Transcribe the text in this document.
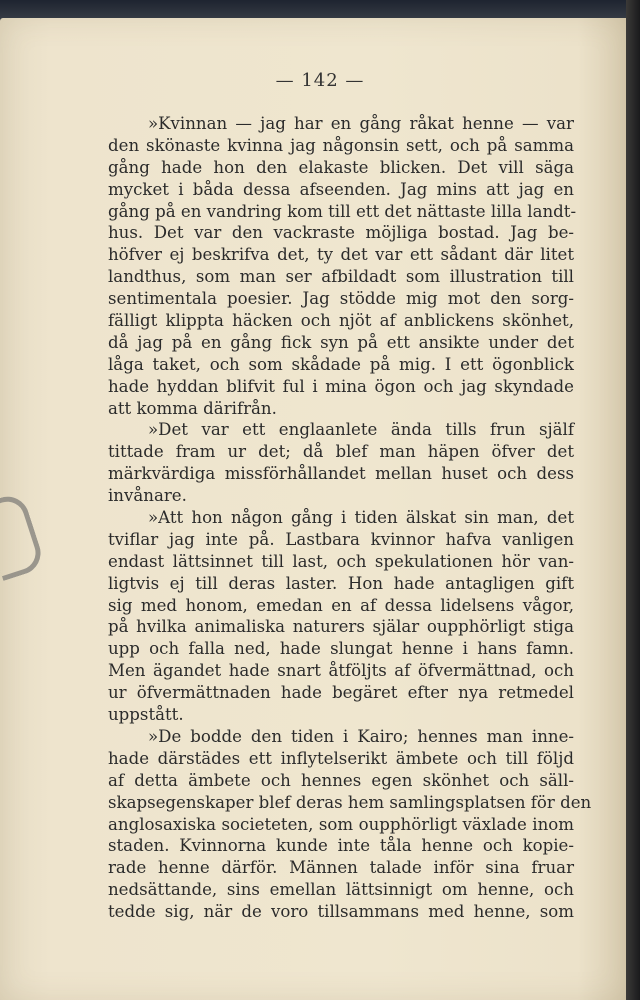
— 142 —
»Kvinnan — jag har en gång råkat henne — var
den skönaste kvinna jag någonsin sett, och på samma
gång hade hon den elakaste blicken. Det vill säga
mycket i båda dessa afseenden. Jag mins att jag en
gång på en vandring kom till ett det nättaste lilla landt-
hus. Det var den vackraste möjliga bostad. Jag be-
höfver ej beskrifva det, ty det var ett sådant där litet
landthus, som man ser afbildadt som illustration till
sentimentala poesier. Jag stödde mig mot den sorg-
fälligt klippta häcken och njöt af anblickens skönhet,
då jag på en gång fick syn på ett ansikte under det
låga taket, och som skådade på mig. I ett ögonblick
hade hyddan blifvit ful i mina ögon och jag skyndade
att komma därifrån.
»Det var ett englaanlete ända tills frun själf
tittade fram ur det; då blef man häpen öfver det
märkvärdiga missförhållandet mellan huset och dess
invånare.
»Att hon någon gång i tiden älskat sin man, det
tviflar jag inte på. Lastbara kvinnor hafva vanligen
endast lättsinnet till last, och spekulationen hör van-
ligtvis ej till deras laster. Hon hade antagligen gift
sig med honom, emedan en af dessa lidelsens vågor,
på hvilka animaliska naturers själar oupphörligt stiga
upp och falla ned, hade slungat henne i hans famn.
Men ägandet hade snart åtföljts af öfvermättnad, och
ur öfvermättnaden hade begäret efter nya retmedel
uppstått.
»De bodde den tiden i Kairo; hennes man inne-
hade därstädes ett inflytelserikt ämbete och till följd
af detta ämbete och hennes egen skönhet och säll-
skapsegenskaper blef deras hem samlingsplatsen för den
anglosaxiska societeten, som oupphörligt växlade inom
staden. Kvinnorna kunde inte tåla henne och kopie-
rade henne därför. Männen talade inför sina fruar
nedsättande, sins emellan lättsinnigt om henne, och
tedde sig, när de voro tillsammans med henne, som
